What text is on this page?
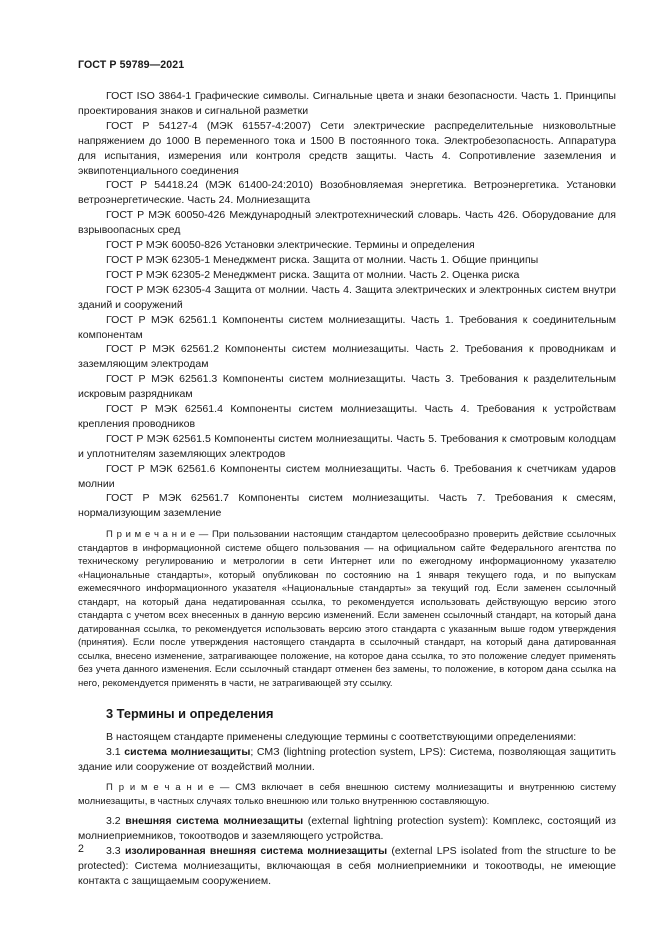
ГОСТ Р 59789—2021

ГОСТ ISO 3864-1 Графические символы. Сигнальные цвета и знаки безопасности. Часть 1. Принципы проектирования знаков и сигнальной разметки

ГОСТ Р 54127-4 (МЭК 61557-4:2007) Сети электрические распределительные низковольтные напряжением до 1000 В переменного тока и 1500 В постоянного тока. Электробезопасность. Аппаратура для испытания, измерения или контроля средств защиты. Часть 4. Сопротивление заземления и эквипотенциального соединения

ГОСТ Р 54418.24 (МЭК 61400-24:2010) Возобновляемая энергетика. Ветроэнергетика. Установки ветроэнергетические. Часть 24. Молниезащита

ГОСТ Р МЭК 60050-426 Международный электротехнический словарь. Часть 426. Оборудование для взрывоопасных сред

ГОСТ Р МЭК 60050-826 Установки электрические. Термины и определения

ГОСТ Р МЭК 62305-1 Менеджмент риска. Защита от молнии. Часть 1. Общие принципы

ГОСТ Р МЭК 62305-2 Менеджмент риска. Защита от молнии. Часть 2. Оценка риска

ГОСТ Р МЭК 62305-4 Защита от молнии. Часть 4. Защита электрических и электронных систем внутри зданий и сооружений

ГОСТ Р МЭК 62561.1 Компоненты систем молниезащиты. Часть 1. Требования к соединительным компонентам

ГОСТ Р МЭК 62561.2 Компоненты систем молниезащиты. Часть 2. Требования к проводникам и заземляющим электродам

ГОСТ Р МЭК 62561.3 Компоненты систем молниезащиты. Часть 3. Требования к разделительным искровым разрядникам

ГОСТ Р МЭК 62561.4 Компоненты систем молниезащиты. Часть 4. Требования к устройствам крепления проводников

ГОСТ Р МЭК 62561.5 Компоненты систем молниезащиты. Часть 5. Требования к смотровым колодцам и уплотнителям заземляющих электродов

ГОСТ Р МЭК 62561.6 Компоненты систем молниезащиты. Часть 6. Требования к счетчикам ударов молнии

ГОСТ Р МЭК 62561.7 Компоненты систем молниезащиты. Часть 7. Требования к смесям, нормализующим заземление

П р и м е ч а н и е — При пользовании настоящим стандартом целесообразно проверить действие ссылочных стандартов в информационной системе общего пользования — на официальном сайте Федерального агентства по техническому регулированию и метрологии в сети Интернет или по ежегодному информационному указателю «Национальные стандарты», который опубликован по состоянию на 1 января текущего года, и по выпускам ежемесячного информационного указателя «Национальные стандарты» за текущий год. Если заменен ссылочный стандарт, на который дана недатированная ссылка, то рекомендуется использовать действующую версию этого стандарта с учетом всех внесенных в данную версию изменений. Если заменен ссылочный стандарт, на который дана датированная ссылка, то рекомендуется использовать версию этого стандарта с указанным выше годом утверждения (принятия). Если после утверждения настоящего стандарта в ссылочный стандарт, на который дана датированная ссылка, внесено изменение, затрагивающее положение, на которое дана ссылка, то это положение следует применять без учета данного изменения. Если ссылочный стандарт отменен без замены, то положение, в котором дана ссылка на него, рекомендуется применять в части, не затрагивающей эту ссылку.

3 Термины и определения

В настоящем стандарте применены следующие термины с соответствующими определениями:

3.1 система молниезащиты; СМЗ (lightning protection system, LPS): Система, позволяющая защитить здание или сооружение от воздействий молнии.

П р и м е ч а н и е — СМЗ включает в себя внешнюю систему молниезащиты и внутреннюю систему молниезащиты, в частных случаях только внешнюю или только внутреннюю составляющую.

3.2 внешняя система молниезащиты (external lightning protection system): Комплекс, состоящий из молниеприемников, токоотводов и заземляющего устройства.

3.3 изолированная внешняя система молниезащиты (external LPS isolated from the structure to be protected): Система молниезащиты, включающая в себя молниеприемники и токоотводы, не имеющие контакта с защищаемым сооружением.

2
